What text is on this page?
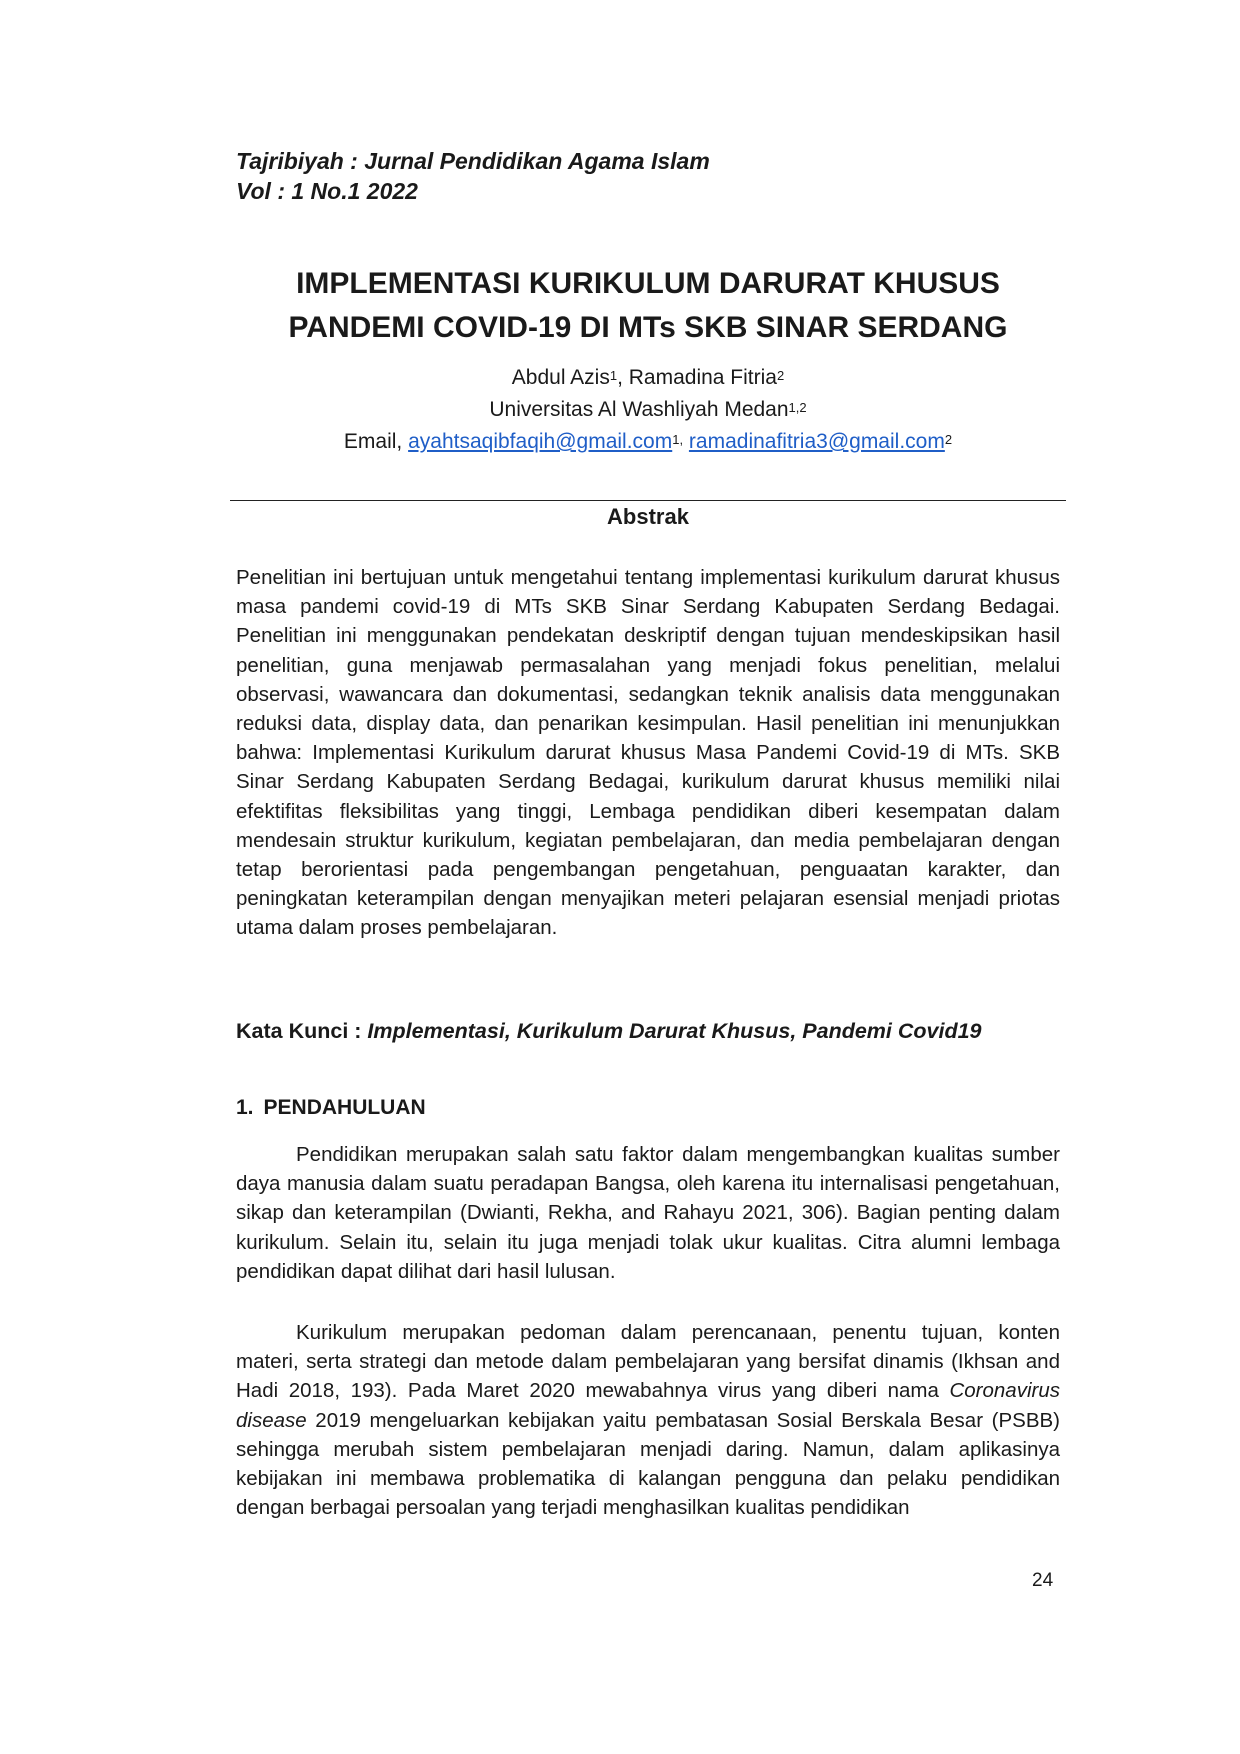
Tajribiyah : Jurnal Pendidikan Agama Islam
Vol : 1 No.1 2022
IMPLEMENTASI KURIKULUM DARURAT KHUSUS
PANDEMI COVID-19 DI MTs SKB SINAR SERDANG
Abdul Azis$^1$, Ramadina Fitria$^2$
Universitas Al Washliyah Medan$^{1,2}$
Email, ayahtsaqibfaqih@gmail.com$^{1,}$ ramadinafitria3@gmail.com$^2$
Abstrak
Penelitian ini bertujuan untuk mengetahui tentang implementasi kurikulum darurat khusus masa pandemi covid-19 di MTs SKB Sinar Serdang Kabupaten Serdang Bedagai. Penelitian ini menggunakan pendekatan deskriptif dengan tujuan mendeskipsikan hasil penelitian, guna menjawab permasalahan yang menjadi fokus penelitian, melalui observasi, wawancara dan dokumentasi, sedangkan teknik analisis data menggunakan reduksi data, display data, dan penarikan kesimpulan. Hasil penelitian ini menunjukkan bahwa: Implementasi Kurikulum darurat khusus Masa Pandemi Covid-19 di MTs. SKB Sinar Serdang Kabupaten Serdang Bedagai, kurikulum darurat khusus memiliki nilai efektifitas fleksibilitas yang tinggi, Lembaga pendidikan diberi kesempatan dalam mendesain struktur kurikulum, kegiatan pembelajaran, dan media pembelajaran dengan tetap berorientasi pada pengembangan pengetahuan, penguaatan karakter, dan peningkatan keterampilan dengan menyajikan meteri pelajaran esensial menjadi priotas utama dalam proses pembelajaran.
Kata Kunci : Implementasi, Kurikulum Darurat Khusus, Pandemi Covid19
1. PENDAHULUAN
Pendidikan merupakan salah satu faktor dalam mengembangkan kualitas sumber daya manusia dalam suatu peradapan Bangsa, oleh karena itu internalisasi pengetahuan, sikap dan keterampilan (Dwianti, Rekha, and Rahayu 2021, 306). Bagian penting dalam kurikulum. Selain itu, selain itu juga menjadi tolak ukur kualitas. Citra alumni lembaga pendidikan dapat dilihat dari hasil lulusan.
Kurikulum merupakan pedoman dalam perencanaan, penentu tujuan, konten materi, serta strategi dan metode dalam pembelajaran yang bersifat dinamis (Ikhsan and Hadi 2018, 193). Pada Maret 2020 mewabahnya virus yang diberi nama Coronavirus disease 2019 mengeluarkan kebijakan yaitu pembatasan Sosial Berskala Besar (PSBB) sehingga merubah sistem pembelajaran menjadi daring. Namun, dalam aplikasinya kebijakan ini membawa problematika di kalangan pengguna dan pelaku pendidikan dengan berbagai persoalan yang terjadi menghasilkan kualitas pendidikan
24
